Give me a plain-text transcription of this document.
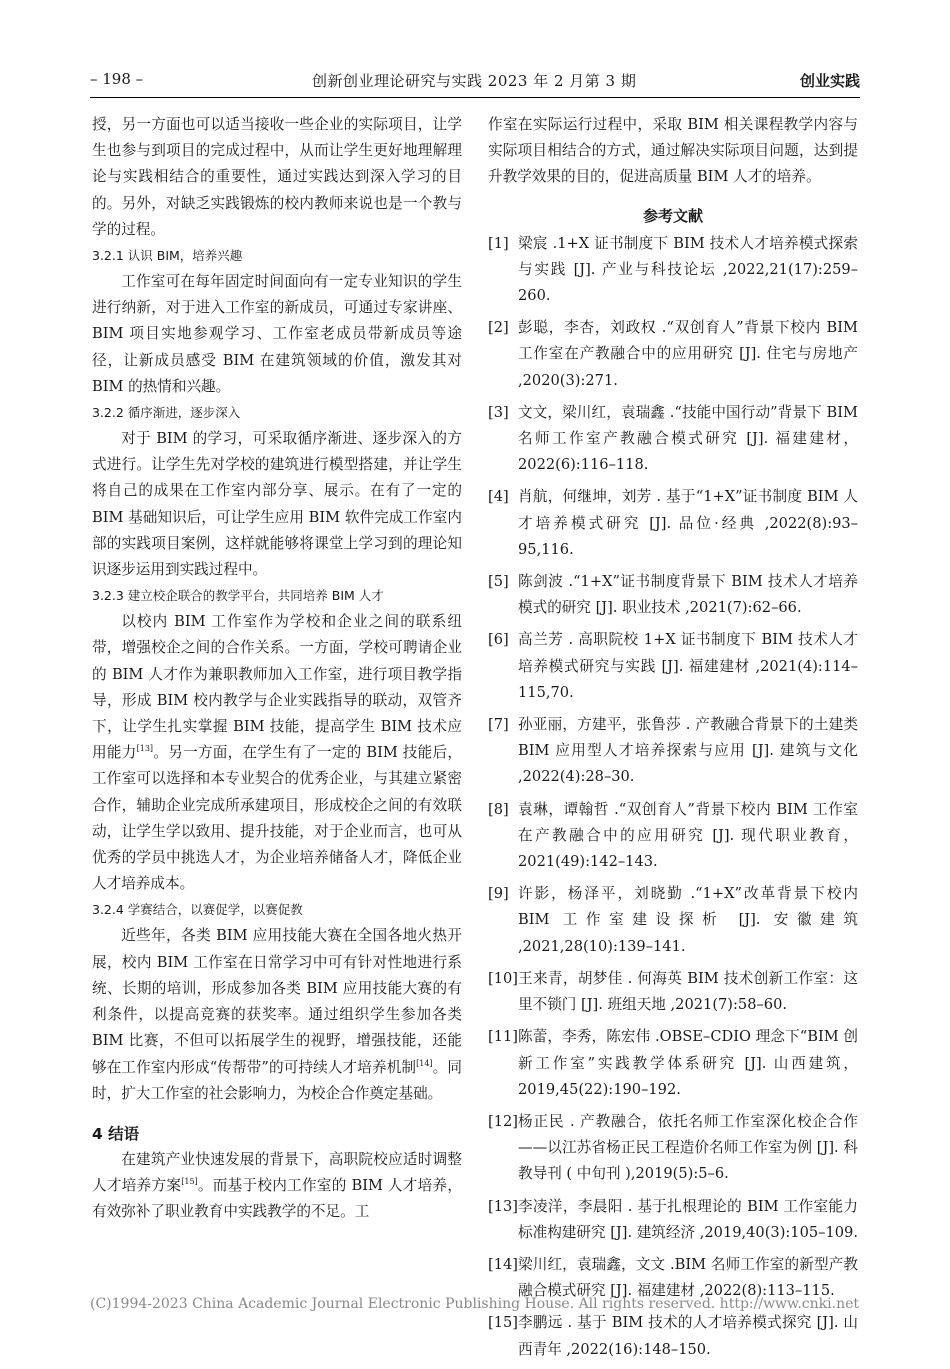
– 198 –	创新创业理论研究与实践 2023 年 2 月第 3 期	创业实践

授，另一方面也可以适当接收一些企业的实际项目，让学生也参与到项目的完成过程中，从而让学生更好地理解理论与实践相结合的重要性，通过实践达到深入学习的目的。另外，对缺乏实践锻炼的校内教师来说也是一个教与学的过程。

3.2.1 认识 BIM，培养兴趣

工作室可在每年固定时间面向有一定专业知识的学生进行纳新，对于进入工作室的新成员，可通过专家讲座、BIM 项目实地参观学习、工作室老成员带新成员等途径，让新成员感受 BIM 在建筑领域的价值，激发其对 BIM 的热情和兴趣。

3.2.2 循序渐进，逐步深入

对于 BIM 的学习，可采取循序渐进、逐步深入的方式进行。让学生先对学校的建筑进行模型搭建，并让学生将自己的成果在工作室内部分享、展示。在有了一定的 BIM 基础知识后，可让学生应用 BIM 软件完成工作室内部的实践项目案例，这样就能够将课堂上学习到的理论知识逐步运用到实践过程中。

3.2.3 建立校企联合的教学平台，共同培养 BIM 人才

以校内 BIM 工作室作为学校和企业之间的联系纽带，增强校企之间的合作关系。一方面，学校可聘请企业的 BIM 人才作为兼职教师加入工作室，进行项目教学指导，形成 BIM 校内教学与企业实践指导的联动，双管齐下，让学生扎实掌握 BIM 技能，提高学生 BIM 技术应用能力[13]。另一方面，在学生有了一定的 BIM 技能后，工作室可以选择和本专业契合的优秀企业，与其建立紧密合作，辅助企业完成所承建项目，形成校企之间的有效联动，让学生学以致用、提升技能，对于企业而言，也可从优秀的学员中挑选人才，为企业培养储备人才，降低企业人才培养成本。

3.2.4 学赛结合，以赛促学，以赛促教

近些年，各类 BIM 应用技能大赛在全国各地火热开展，校内 BIM 工作室在日常学习中可有针对性地进行系统、长期的培训，形成参加各类 BIM 应用技能大赛的有利条件，以提高竞赛的获奖率。通过组织学生参加各类 BIM 比赛，不但可以拓展学生的视野，增强技能，还能够在工作室内形成“传帮带”的可持续人才培养机制[14]。同时，扩大工作室的社会影响力，为校企合作奠定基础。

4 结语

在建筑产业快速发展的背景下，高职院校应适时调整人才培养方案[15]。而基于校内工作室的 BIM 人才培养，有效弥补了职业教育中实践教学的不足。工

作室在实际运行过程中，采取 BIM 相关课程教学内容与实际项目相结合的方式，通过解决实际项目问题，达到提升教学效果的目的，促进高质量 BIM 人才的培养。

参考文献

[1] 梁宸 .1+X 证书制度下 BIM 技术人才培养模式探索与实践 [J]. 产业与科技论坛 ,2022,21(17):259–260.
[2] 彭聪，李杏，刘政权 .“双创育人”背景下校内 BIM 工作室在产教融合中的应用研究 [J]. 住宅与房地产 ,2020(3):271.
[3] 文文，梁川红，袁瑞鑫 .“技能中国行动”背景下 BIM 名师工作室产教融合模式研究 [J]. 福建建材，2022(6):116–118.
[4] 肖航，何继坤，刘芳 . 基于“1+X”证书制度 BIM 人才培养模式研究 [J]. 品位·经典 ,2022(8):93–95,116.
[5] 陈剑波 .“1+X”证书制度背景下 BIM 技术人才培养模式的研究 [J]. 职业技术 ,2021(7):62–66.
[6] 高兰芳 . 高职院校 1+X 证书制度下 BIM 技术人才培养模式研究与实践 [J]. 福建建材 ,2021(4):114–115,70.
[7] 孙亚丽，方建平，张鲁莎 . 产教融合背景下的土建类 BIM 应用型人才培养探索与应用 [J]. 建筑与文化 ,2022(4):28–30.
[8] 袁琳，谭翰哲 .“双创育人”背景下校内 BIM 工作室在产教融合中的应用研究 [J]. 现代职业教育，2021(49):142–143.
[9] 许影，杨泽平，刘晓勤 .“1+X”改革背景下校内 BIM 工作室建设探析 [J]. 安徽建筑 ,2021,28(10):139–141.
[10] 王来青，胡梦佳 . 何海英 BIM 技术创新工作室：这里不锁门 [J]. 班组天地 ,2021(7):58–60.
[11] 陈蕾，李秀，陈宏伟 .OBSE–CDIO 理念下“BIM 创新工作室”实践教学体系研究 [J]. 山西建筑，2019,45(22):190–192.
[12] 杨正民 . 产教融合，依托名师工作室深化校企合作——以江苏省杨正民工程造价名师工作室为例 [J]. 科教导刊 ( 中旬刊 ),2019(5):5–6.
[13] 李凌洋，李晨阳 . 基于扎根理论的 BIM 工作室能力标准构建研究 [J]. 建筑经济 ,2019,40(3):105–109.
[14] 梁川红，袁瑞鑫，文文 .BIM 名师工作室的新型产教融合模式研究 [J]. 福建建材 ,2022(8):113–115.
[15] 李鹏远 . 基于 BIM 技术的人才培养模式探究 [J]. 山西青年 ,2022(16):148–150.
(C)1994-2023 China Academic Journal Electronic Publishing House. All rights reserved. http://www.cnki.net
